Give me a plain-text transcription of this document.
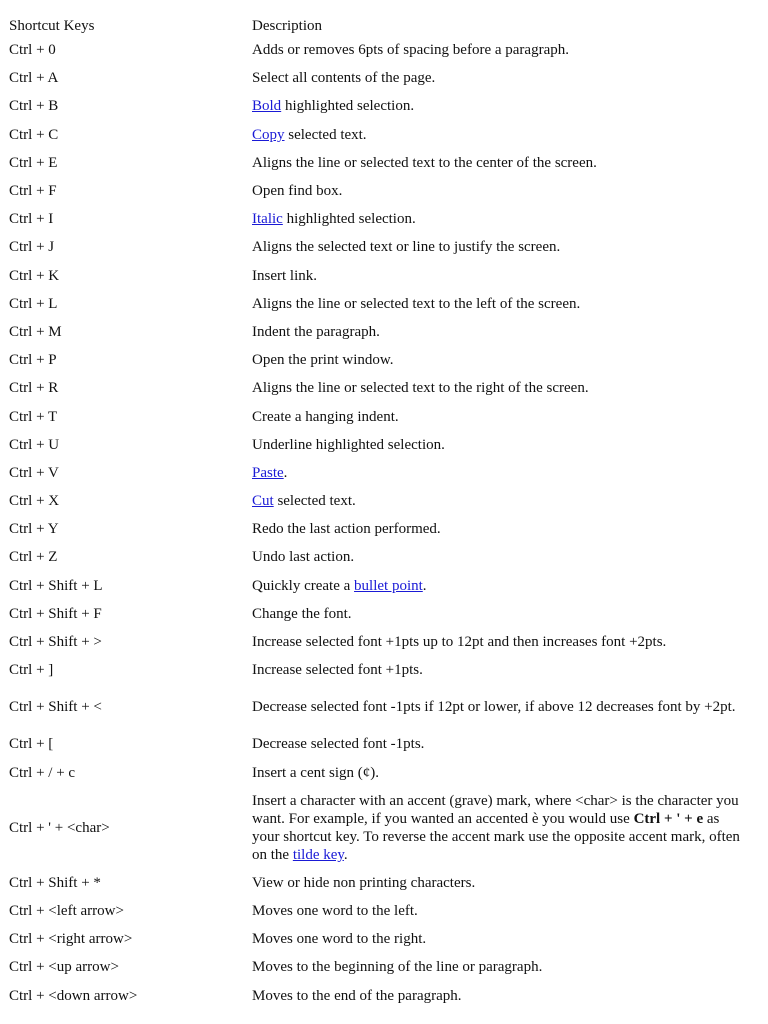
Shortcut Keys	Description
Ctrl + 0	Adds or removes 6pts of spacing before a paragraph.
Ctrl + A	Select all contents of the page.
Ctrl + B	Bold highlighted selection.
Ctrl + C	Copy selected text.
Ctrl + E	Aligns the line or selected text to the center of the screen.
Ctrl + F	Open find box.
Ctrl + I	Italic highlighted selection.
Ctrl + J	Aligns the selected text or line to justify the screen.
Ctrl + K	Insert link.
Ctrl + L	Aligns the line or selected text to the left of the screen.
Ctrl + M	Indent the paragraph.
Ctrl + P	Open the print window.
Ctrl + R	Aligns the line or selected text to the right of the screen.
Ctrl + T	Create a hanging indent.
Ctrl + U	Underline highlighted selection.
Ctrl + V	Paste.
Ctrl + X	Cut selected text.
Ctrl + Y	Redo the last action performed.
Ctrl + Z	Undo last action.
Ctrl + Shift + L	Quickly create a bullet point.
Ctrl + Shift + F	Change the font.
Ctrl + Shift + >	Increase selected font +1pts up to 12pt and then increases font +2pts.
Ctrl + ]	Increase selected font +1pts.
Ctrl + Shift + <	Decrease selected font -1pts if 12pt or lower, if above 12 decreases font by +2pt.
Ctrl + [	Decrease selected font -1pts.
Ctrl + / + c	Insert a cent sign (¢).
Ctrl + ' + <char>	Insert a character with an accent (grave) mark, where <char> is the character you want. For example, if you wanted an accented è you would use Ctrl + ' + e as your shortcut key. To reverse the accent mark use the opposite accent mark, often on the tilde key.
Ctrl + Shift + *	View or hide non printing characters.
Ctrl + <left arrow>	Moves one word to the left.
Ctrl + <right arrow>	Moves one word to the right.
Ctrl + <up arrow>	Moves to the beginning of the line or paragraph.
Ctrl + <down arrow>	Moves to the end of the paragraph.
